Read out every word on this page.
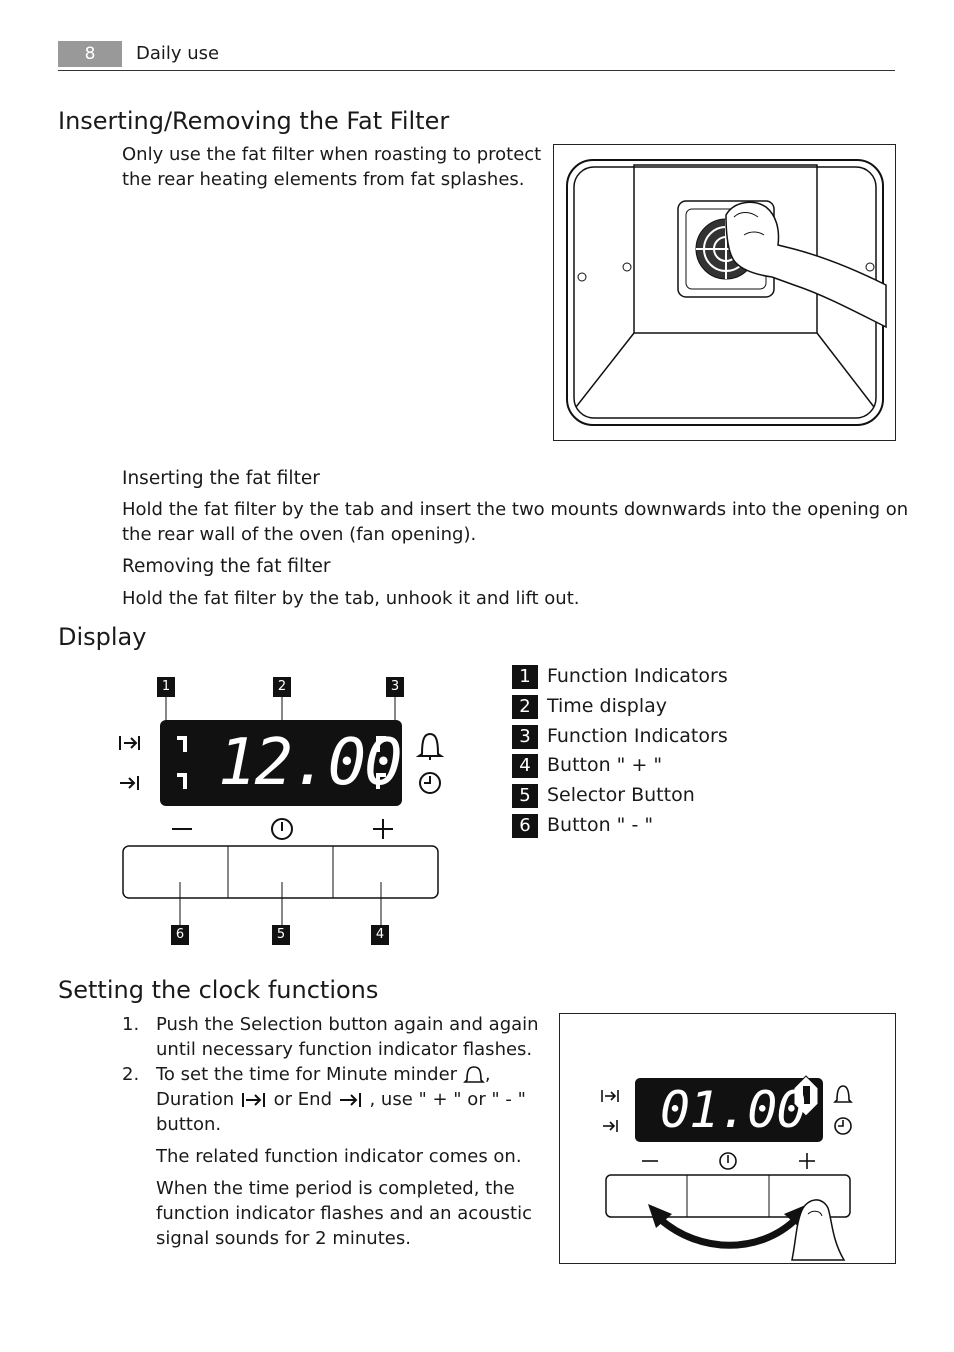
8	Daily use
Inserting/Removing the Fat Filter
Only use the fat filter when roasting to protect
the rear heating elements from fat splashes.
Inserting the fat filter
Hold the fat filter by the tab and insert the two mounts downwards into the opening on
the rear wall of the oven (fan opening).
Removing the fat filter
Hold the fat filter by the tab, unhook it and lift out.
Display
1	2	3
12.00
6	5	4
1 Function Indicators
2 Time display
3 Function Indicators
4 Button " + "
5 Selector Button
6 Button " - "
Setting the clock functions
1. Push the Selection button again and again
until necessary function indicator flashes.
2. To set the time for Minute minder ,
Duration or End , use " + " or " - "
button.
The related function indicator comes on.
When the time period is completed, the
function indicator flashes and an acoustic
signal sounds for 2 minutes.
01.00
